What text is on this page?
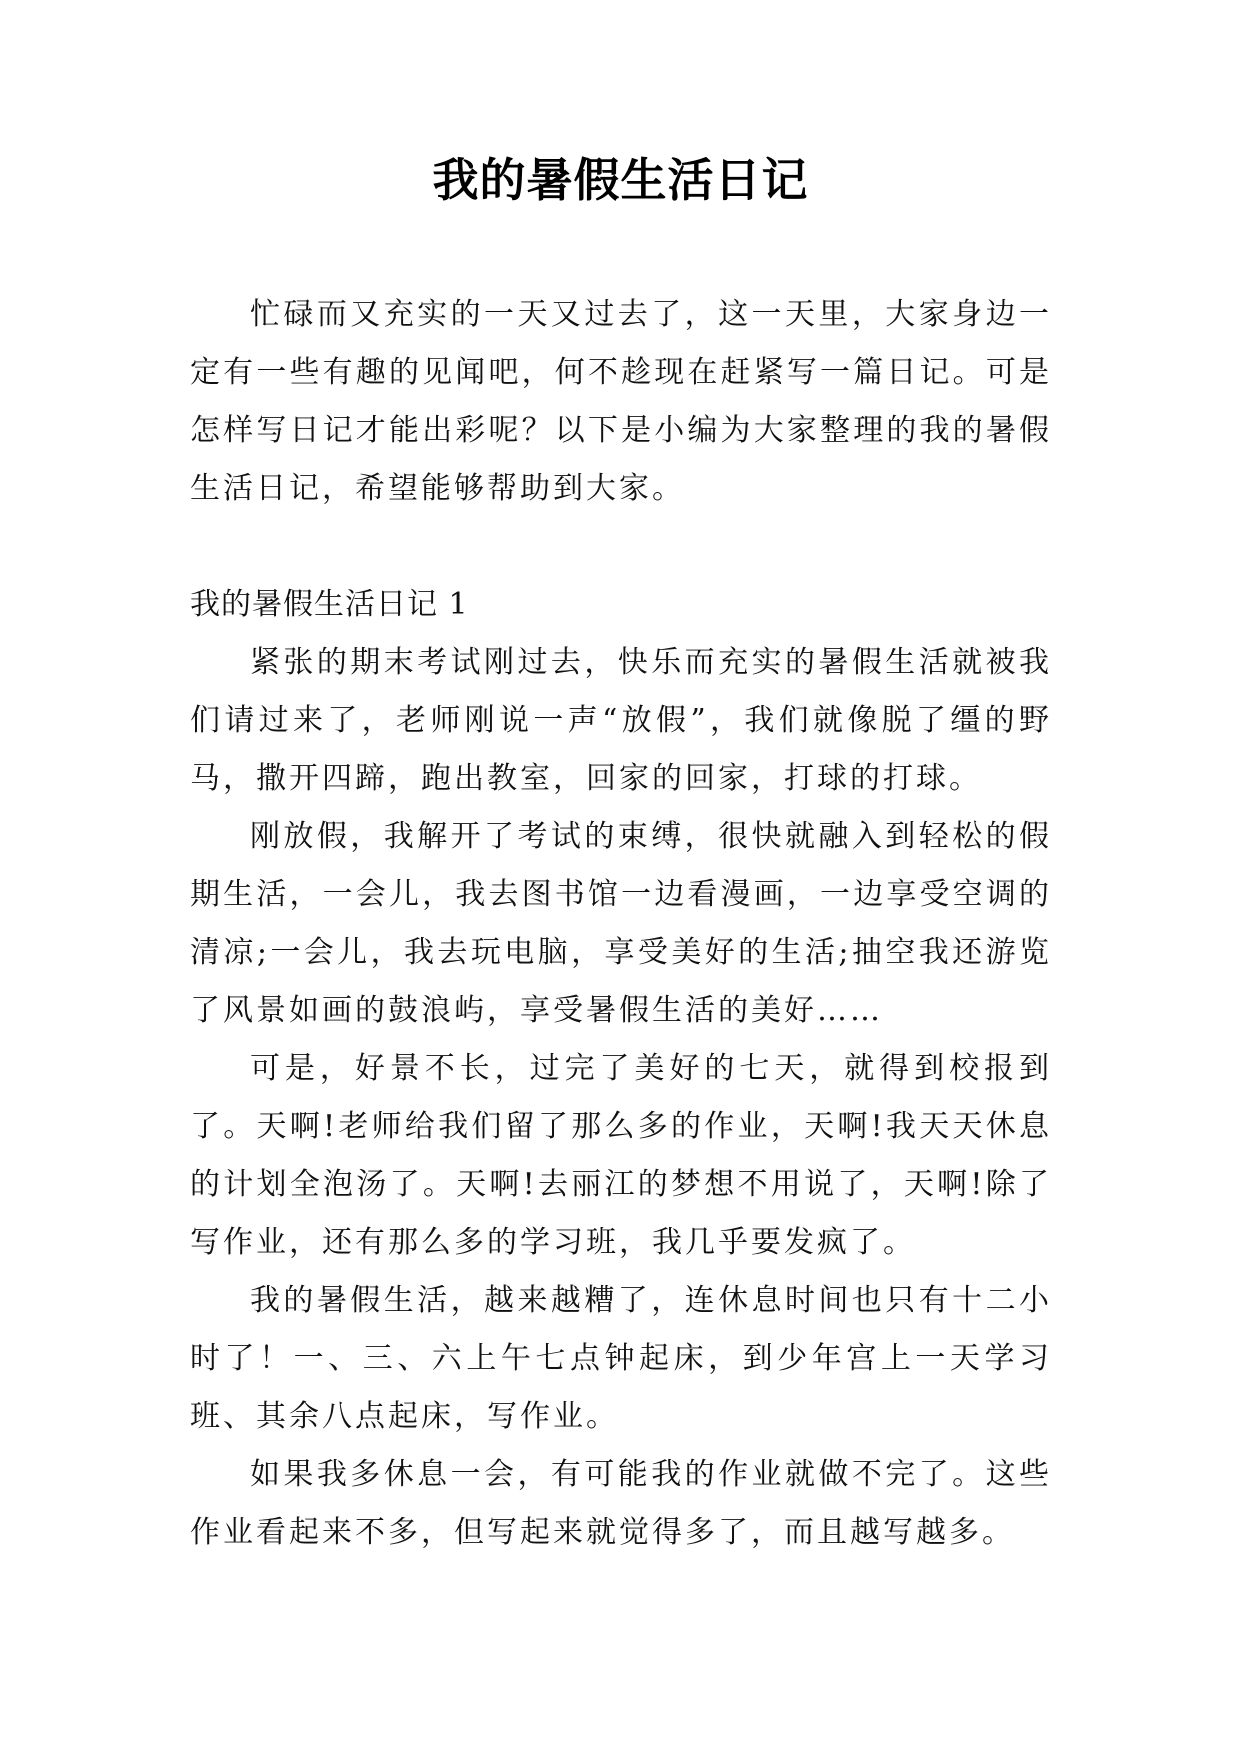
我的暑假生活日记

忙碌而又充实的一天又过去了，这一天里，大家身边一定有一些有趣的见闻吧，何不趁现在赶紧写一篇日记。可是怎样写日记才能出彩呢？以下是小编为大家整理的我的暑假生活日记，希望能够帮助到大家。

我的暑假生活日记 1

紧张的期末考试刚过去，快乐而充实的暑假生活就被我们请过来了，老师刚说一声“放假”，我们就像脱了缰的野马，撒开四蹄，跑出教室，回家的回家，打球的打球。

刚放假，我解开了考试的束缚，很快就融入到轻松的假期生活，一会儿，我去图书馆一边看漫画，一边享受空调的清凉;一会儿，我去玩电脑，享受美好的生活;抽空我还游览了风景如画的鼓浪屿，享受暑假生活的美好……

可是，好景不长，过完了美好的七天，就得到校报到了。天啊!老师给我们留了那么多的作业，天啊!我天天休息的计划全泡汤了。天啊!去丽江的梦想不用说了，天啊!除了写作业，还有那么多的学习班，我几乎要发疯了。

我的暑假生活，越来越糟了，连休息时间也只有十二小时了！一、三、六上午七点钟起床，到少年宫上一天学习班、其余八点起床，写作业。

如果我多休息一会，有可能我的作业就做不完了。这些作业看起来不多，但写起来就觉得多了，而且越写越多。
